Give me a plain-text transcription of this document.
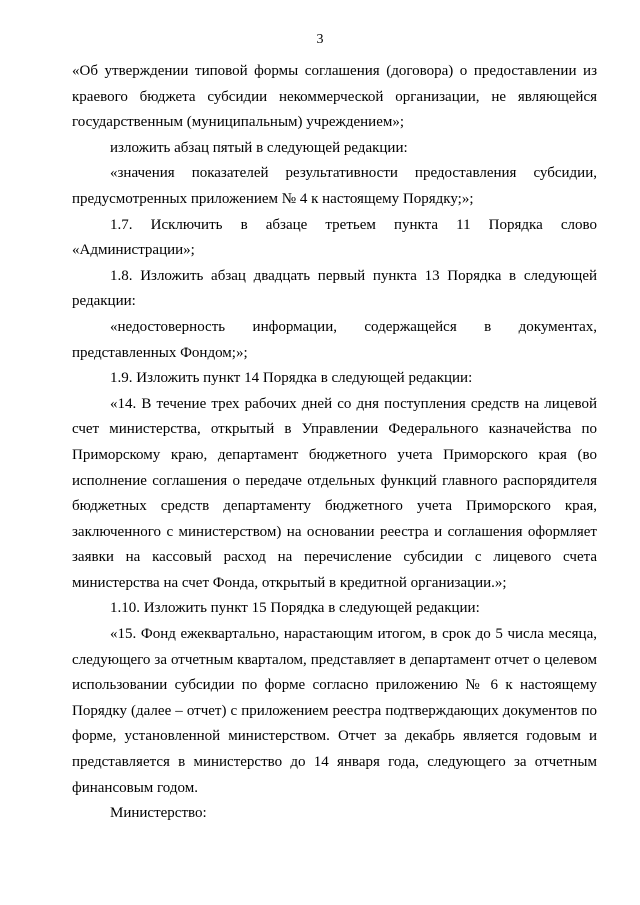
3

«Об утверждении типовой формы соглашения (договора) о предоставлении из краевого бюджета субсидии некоммерческой организации, не являющейся государственным (муниципальным) учреждением»;

изложить абзац пятый в следующей редакции:

«значения показателей результативности предоставления субсидии, предусмотренных приложением № 4 к настоящему Порядку;»;

1.7. Исключить в абзаце третьем пункта 11 Порядка слово «Администрации»;

1.8. Изложить абзац двадцать первый пункта 13 Порядка в следующей редакции:

«недостоверность информации, содержащейся в документах, представленных Фондом;»;

1.9. Изложить пункт 14 Порядка в следующей редакции:

«14. В течение трех рабочих дней со дня поступления средств на лицевой счет министерства, открытый в Управлении Федерального казначейства по Приморскому краю, департамент бюджетного учета Приморского края (во исполнение соглашения о передаче отдельных функций главного распорядителя бюджетных средств департаменту бюджетного учета Приморского края, заключенного с министерством) на основании реестра и соглашения оформляет заявки на кассовый расход на перечисление субсидии с лицевого счета министерства на счет Фонда, открытый в кредитной организации.»;

1.10. Изложить пункт 15 Порядка в следующей редакции:

«15. Фонд ежеквартально, нарастающим итогом, в срок до 5 числа месяца, следующего за отчетным кварталом, представляет в департамент отчет о целевом использовании субсидии по форме согласно приложению № 6 к настоящему Порядку (далее – отчет) с приложением реестра подтверждающих документов по форме, установленной министерством. Отчет за декабрь является годовым и представляется в министерство до 14 января года, следующего за отчетным финансовым годом.

Министерство:
